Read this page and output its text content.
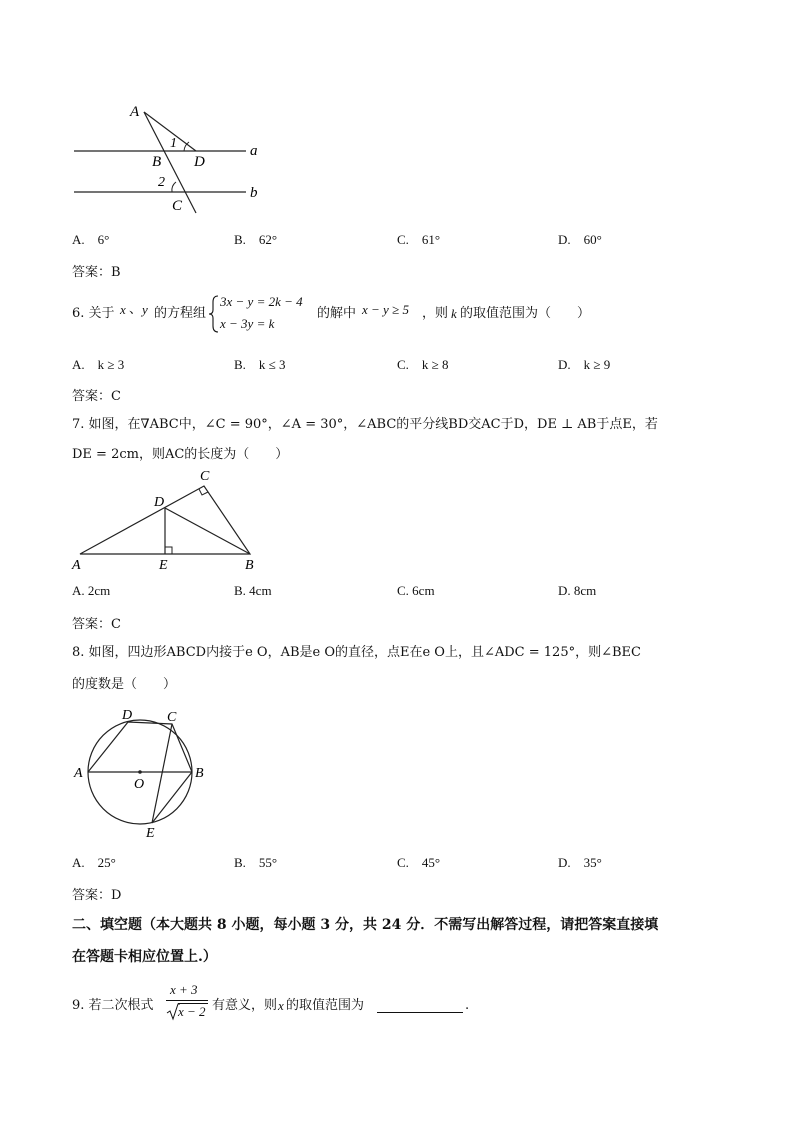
A
B D
C
a
b
1
2
A.　6°	B.　62°	C.　61°	D.　60°
答案：B
6. 关于 x 、 y 的方程组
3x − y = 2k − 4
x − 3y = k
的解中 x − y ≥ 5 ，则 k 的取值范围为（　　）
A.　k ≥ 3	B.　k ≤ 3	C.　k ≥ 8	D.　k ≥ 9
答案：C
7. 如图，在∇ABC中，∠C = 90°，∠A = 30°，∠ABC的平分线BD交AC于D，DE ⊥ AB于点E，若
DE = 2cm，则AC的长度为（　　）
C
D
A	E	B
A. 2cm	B. 4cm	C. 6cm	D. 8cm
答案：C
8. 如图，四边形ABCD内接于e O，AB是e O的直径，点E在e O上，且∠ADC = 125°，则∠BEC
的度数是（　　）
D C
A	B
O
E
A.　25°	B.　55°	C.　45°	D.　35°
答案：D
二、填空题（本大题共 8 小题，每小题 3 分，共 24 分．不需写出解答过程，请把答案直接填
在答题卡相应位置上.）
9. 若二次根式
x + 3
x − 2 有意义，则 x 的取值范围为	.
